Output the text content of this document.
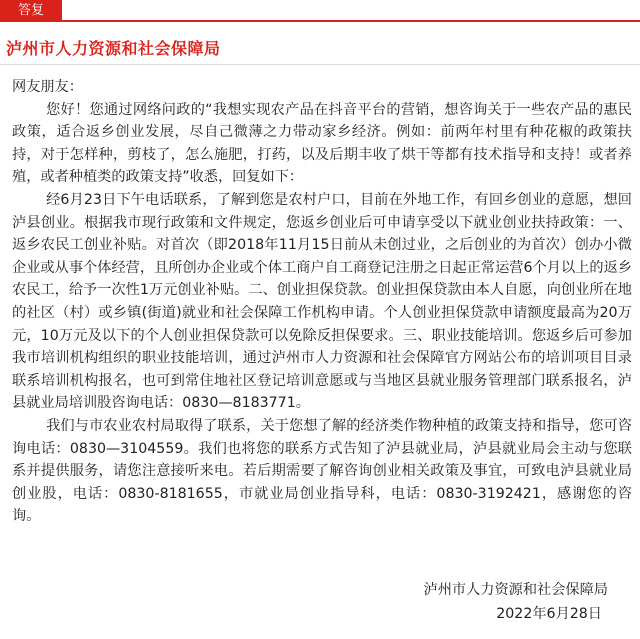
答复
泸州市人力资源和社会保障局

网友朋友：

您好！您通过网络问政的“我想实现农产品在抖音平台的营销，想咨询关于一些农产品的惠民政策，适合返乡创业发展，尽自己微薄之力带动家乡经济。例如：前两年村里有种花椒的政策扶持，对于怎样种，剪枝了，怎么施肥，打药，以及后期丰收了烘干等都有技术指导和支持！或者养殖，或者种植类的政策支持”收悉，回复如下：

经6月23日下午电话联系，了解到您是农村户口，目前在外地工作，有回乡创业的意愿，想回泸县创业。根据我市现行政策和文件规定，您返乡创业后可申请享受以下就业创业扶持政策：一、返乡农民工创业补贴。对首次（即2018年11月15日前从未创过业，之后创业的为首次）创办小微企业或从事个体经营，且所创办企业或个体工商户自工商登记注册之日起正常运营6个月以上的返乡农民工，给予一次性1万元创业补贴。二、创业担保贷款。创业担保贷款由本人自愿，向创业所在地的社区（村）或乡镇(街道)就业和社会保障工作机构申请。个人创业担保贷款申请额度最高为20万元，10万元及以下的个人创业担保贷款可以免除反担保要求。三、职业技能培训。您返乡后可参加我市培训机构组织的职业技能培训，通过泸州市人力资源和社会保障官方网站公布的培训项目目录联系培训机构报名，也可到常住地社区登记培训意愿或与当地区县就业服务管理部门联系报名，泸县就业局培训股咨询电话：0830—8183771。

我们与市农业农村局取得了联系，关于您想了解的经济类作物种植的政策支持和指导，您可咨询电话：0830—3104559。我们也将您的联系方式告知了泸县就业局，泸县就业局会主动与您联系并提供服务，请您注意接听来电。若后期需要了解咨询创业相关政策及事宜，可致电泸县就业局创业股，电话：0830-8181655，市就业局创业指导科，电话：0830-3192421，感谢您的咨询。

泸州市人力资源和社会保障局
2022年6月28日
